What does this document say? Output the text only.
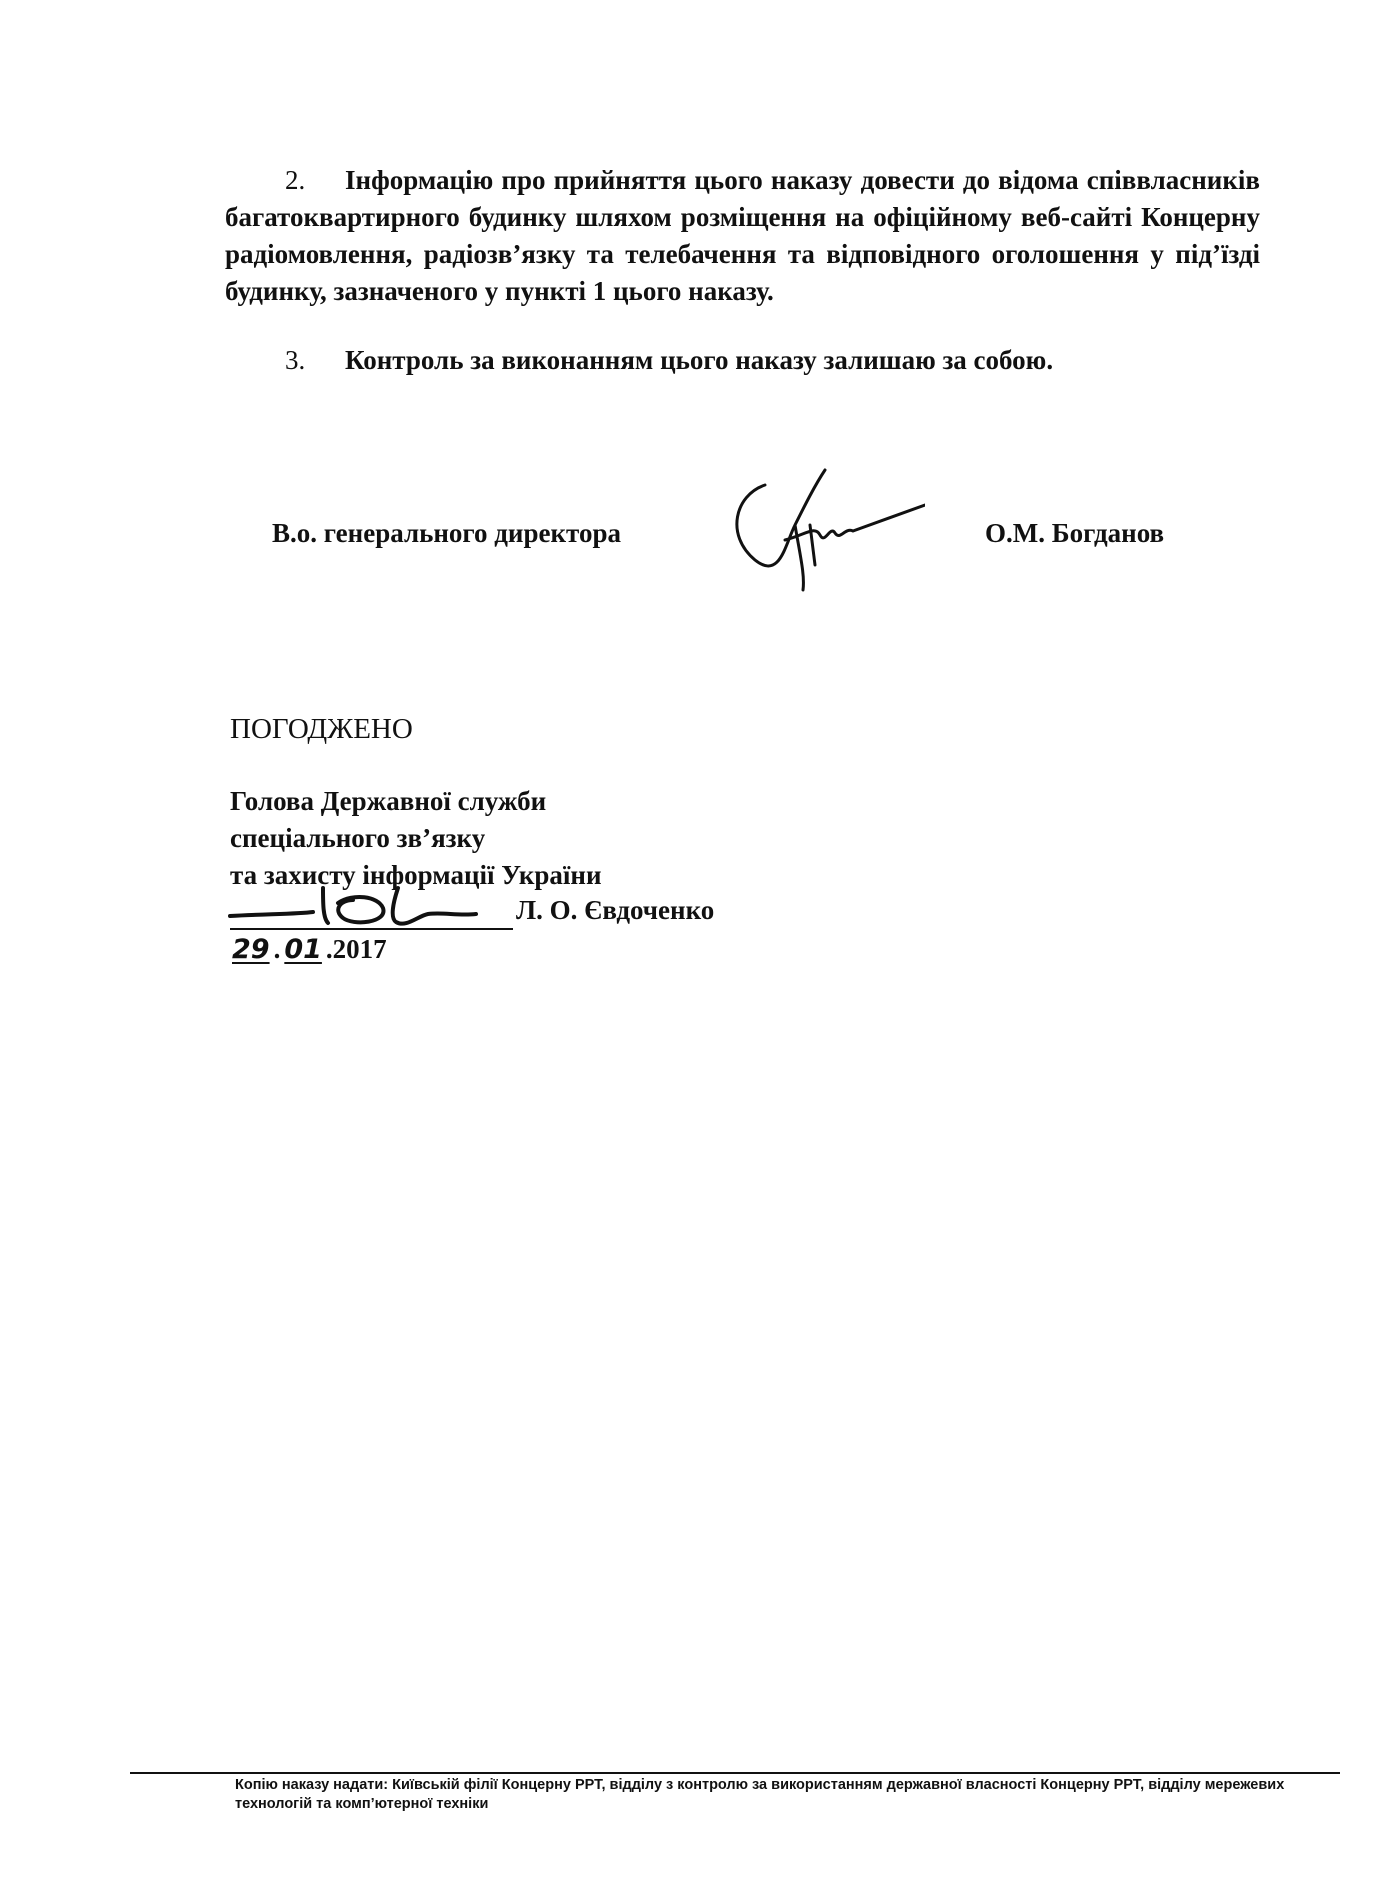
2. Інформацію про прийняття цього наказу довести до відома співвласників багатоквартирного будинку шляхом розміщення на офіційному веб-сайті Концерну радіомовлення, радіозв’язку та телебачення та відповідного оголошення у під’їзді будинку, зазначеного у пункті 1 цього наказу.
3. Контроль за виконанням цього наказу залишаю за собою.
В.о. генерального директора	О.М. Богданов
ПОГОДЖЕНО
Голова Державної служби
спеціального зв’язку
та захисту інформації України
Л. О. Євдоченко
29 . 01 .2017
Копію наказу надати: Київській філії Концерну РРТ, відділу з контролю за використанням державної власності Концерну РРТ, відділу мережевих технологій та комп’ютерної техніки
